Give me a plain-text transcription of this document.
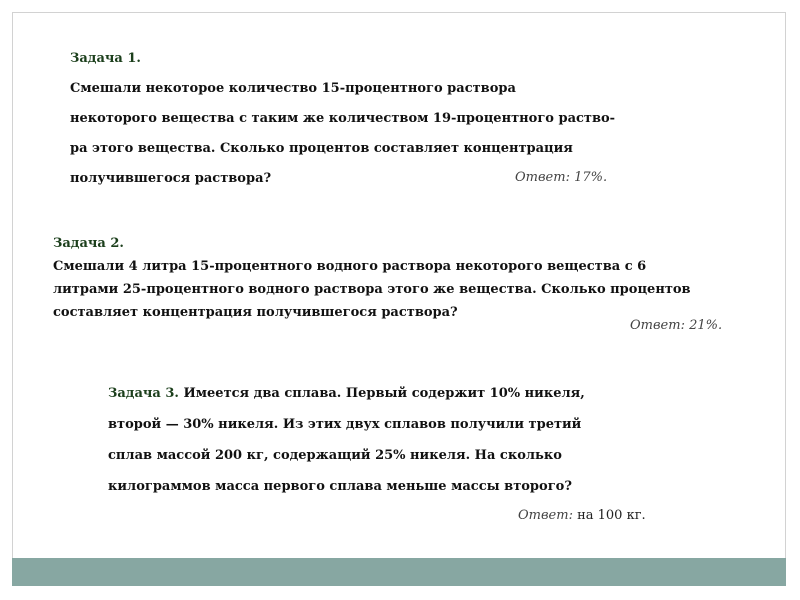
Задача 1.
Смешали некоторое количество 15-процентного раствора
некоторого вещества с таким же количеством 19-процентного раство-
ра этого вещества. Сколько процентов составляет концентрация
получившегося раствора?	Ответ: 17%.
Задача 2.
Смешали 4 литра 15-процентного водного раствора некоторого вещества с 6
литрами 25-процентного водного раствора этого же вещества. Сколько процентов
составляет концентрация получившегося раствора?
Ответ: 21%.
Задача 3. Имеется два сплава. Первый содержит 10% никеля,
второй — 30% никеля. Из этих двух сплавов получили третий
сплав массой 200 кг, содержащий 25% никеля. На сколько
килограммов масса первого сплава меньше массы второго?
Ответ: на 100 кг.
